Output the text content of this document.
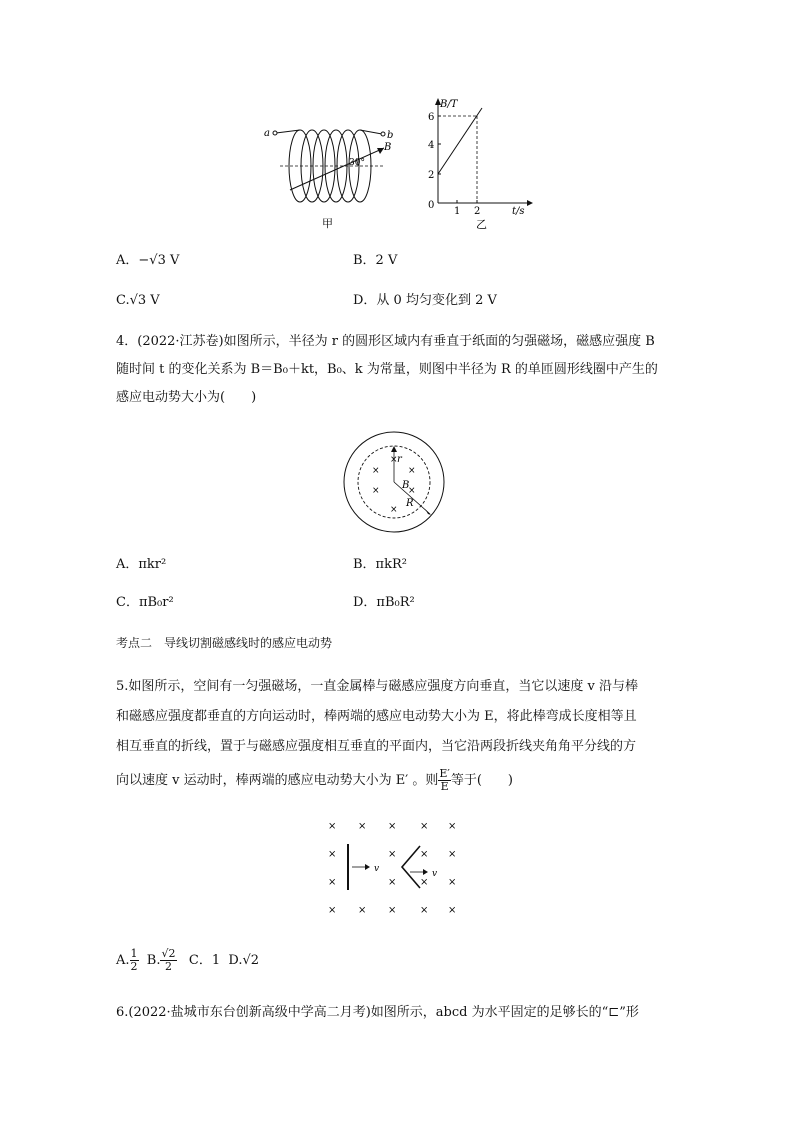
a	b
B
30°
甲
B/T
t/s
2
4
6
1 2
0
乙
A．−√3 V	B．2 V
C.√3 V	D．从 0 均匀变化到 2 V
4．(2022·江苏卷)如图所示，半径为 r 的圆形区域内有垂直于纸面的匀强磁场，磁感应强度 B
随时间 t 的变化关系为 B＝B₀＋kt，B₀、k 为常量，则图中半径为 R 的单匝圆形线圈中产生的
感应电动势大小为(　　)
×
×
×
×
×
×
r
B
R
A．πkr²	B．πkR²
C．πB₀r²	D．πB₀R²
考点二　导线切割磁感线时的感应电动势
5.如图所示，空间有一匀强磁场，一直金属棒与磁感应强度方向垂直，当它以速度 v 沿与棒
和磁感应强度都垂直的方向运动时，棒两端的感应电动势大小为 E，将此棒弯成长度相等且
相互垂直的折线，置于与磁感应强度相互垂直的平面内，当它沿两段折线夹角角平分线的方
向以速度 v 运动时，棒两端的感应电动势大小为 E′ 。则 $\frac{E'}{E}$ 等于(　　)
× × × × ×
×	× × ×
×	× × ×
× × × × ×
v	v
A. $\frac{1}{2} B$. $\frac{√2}{2}$ C．1 D.√2
6.(2022·盐城市东台创新高级中学高二月考)如图所示，abcd 为水平固定的足够长的“⊏”形
